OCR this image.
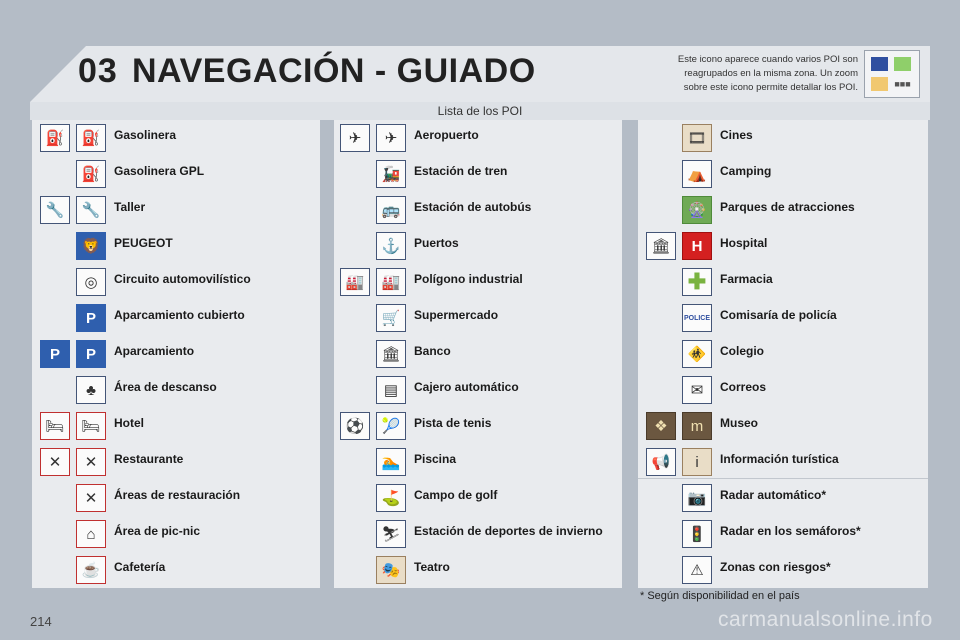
03 NAVEGACIÓN - GUIADO	Este icono aparece cuando varios POI son reagrupados en la misma zona. Un zoom sobre este icono permite detallar los POI.	■■■
Lista de los POI
⛽	⛽	Gasolinera
⛽	Gasolinera GPL
🔧	🔧	Taller
🦁	PEUGEOT
◎	Circuito automovilístico
P	Aparcamiento cubierto
P	P	Aparcamiento
♣	Área de descanso
🛏	🛏	Hotel
✕	✕	Restaurante
✕	Áreas de restauración
⌂	Área de pic-nic
☕	Cafetería
✈	✈	Aeropuerto
🚂	Estación de tren
🚌	Estación de autobús
⚓	Puertos
🏭	🏭	Polígono industrial
🛒	Supermercado
🏛	Banco
▤	Cajero automático
⚽	🎾	Pista de tenis
🏊	Piscina
⛳	Campo de golf
⛷	Estación de deportes de invierno
🎭	Teatro
🎞	Cines
⛺	Camping
🎡	Parques de atracciones
🏛	H	Hospital
✚	Farmacia
POLICE Comisaría de policía
🚸	Colegio
✉	Correos
❖	m	Museo
📢	i	Información turística
📷	Radar automático*
🚦	Radar en los semáforos*
⚠	Zonas con riesgos*
* Según disponibilidad en el país
214	carmanualsonline.info
